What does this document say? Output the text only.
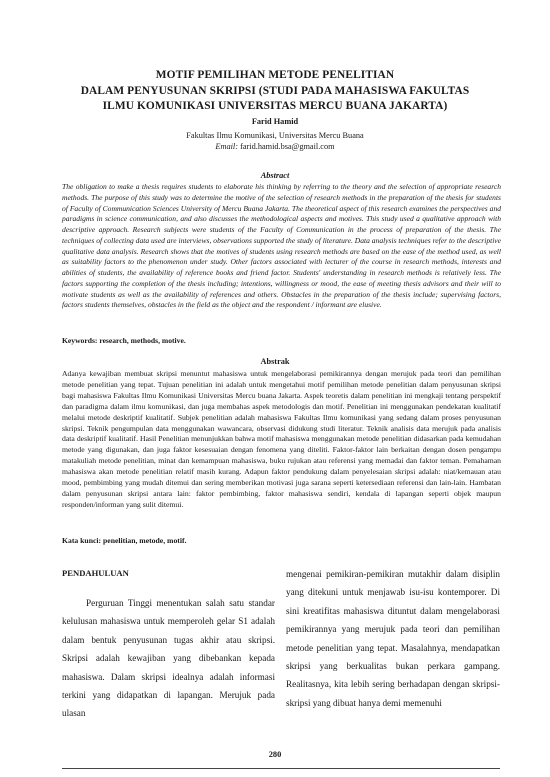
MOTIF PEMILIHAN METODE PENELITIAN
DALAM PENYUSUNAN SKRIPSI (STUDI PADA MAHASISWA FAKULTAS
ILMU KOMUNIKASI UNIVERSITAS MERCU BUANA JAKARTA)
Farid Hamid
Fakultas Ilmu Komunikasi, Universitas Mercu Buana
Email: farid.hamid.bsa@gmail.com
Abstract

The obligation to make a thesis requires students to elaborate his thinking by referring to the theory and the selection of appropriate research methods. The purpose of this study was to determine the motive of the selection of research methods in the preparation of the thesis for students of Faculty of Communication Sciences University of Mercu Buana Jakarta. The theoretical aspect of this research examines the perspectives and paradigms in science communication, and also discusses the methodological aspects and motives. This study used a qualitative approach with descriptive approach. Research subjects were students of the Faculty of Communication in the process of preparation of the thesis. The techniques of collecting data used are interviews, observations supported the study of literature. Data analysis techniques refer to the descriptive qualitative data analysis. Research shows that the motives of students using research methods are based on the ease of the method used, as well as suitability factors to the phenomenon under study. Other factors associated with lecturer of the course in research methods, interests and abilities of students, the availability of reference books and friend factor. Students' understanding in research methods is relatively less. The factors supporting the completion of the thesis including; intentions, willingness or mood, the ease of meeting thesis advisors and their will to motivate students as well as the availability of references and others. Obstacles in the preparation of the thesis include; supervising factors, factors students themselves, obstacles in the field as the object and the respondent / informant are elusive.

Keywords: research, methods, motive.

Abstrak

Adanya kewajiban membuat skripsi menuntut mahasiswa untuk mengelaborasi pemikirannya dengan merujuk pada teori dan pemilihan metode penelitian yang tepat. Tujuan penelitian ini adalah untuk mengetahui motif pemilihan metode penelitian dalam penyusunan skripsi bagi mahasiswa Fakultas Ilmu Komunikasi Universitas Mercu buana Jakarta. Aspek teoretis dalam penelitian ini mengkaji tentang perspektif dan paradigma dalam ilmu komunikasi, dan juga membahas aspek metodologis dan motif. Penelitian ini menggunakan pendekatan kualitatif melalui metode deskriptif kualitatif. Subjek penelitian adalah mahasiswa Fakultas Ilmu komunikasi yang sedang dalam proses penyusunan skripsi. Teknik pengumpulan data menggunakan wawancara, observasi didukung studi literatur. Teknik analisis data merujuk pada analisis data deskriptif kualitatif. Hasil Penelitian menunjukkan bahwa motif mahasiswa menggunakan metode penelitian didasarkan pada kemudahan metode yang digunakan, dan juga faktor kesesuaian dengan fenomena yang diteliti. Faktor-faktor lain berkaitan dengan dosen pengampu matakuliah metode penelitian, minat dan kemampuan mahasiswa, buku rujukan atau referensi yang memadai dan faktor teman. Pemahaman mahasiswa akan metode penelitian relatif masih kurang. Adapun faktor pendukung dalam penyelesaian skripsi adalah: niat/kemauan atau mood, pembimbing yang mudah ditemui dan sering memberikan motivasi juga sarana seperti ketersediaan referensi dan lain-lain. Hambatan dalam penyusunan skripsi antara lain: faktor pembimbing, faktor mahasiswa sendiri, kendala di lapangan seperti objek maupun responden/informan yang sulit ditemui.

Kata kunci: penelitian, metode, motif.

PENDAHULUAN

Perguruan Tinggi menentukan salah satu standar kelulusan mahasiswa untuk memperoleh gelar S1 adalah dalam bentuk penyusunan tugas akhir atau skripsi. Skripsi adalah kewajiban yang dibebankan kepada mahasiswa. Dalam skripsi idealnya adalah informasi terkini yang didapatkan di lapangan. Merujuk pada ulasan

mengenai pemikiran-pemikiran mutakhir dalam disiplin yang ditekuni untuk menjawab isu-isu kontemporer. Di sini kreatifitas mahasiswa dituntut dalam mengelaborasi pemikirannya yang merujuk pada teori dan pemilihan metode penelitian yang tepat. Masalahnya, mendapatkan skripsi yang berkualitas bukan perkara gampang. Realitasnya, kita lebih sering berhadapan dengan skripsi-skripsi yang dibuat hanya demi memenuhi

280
